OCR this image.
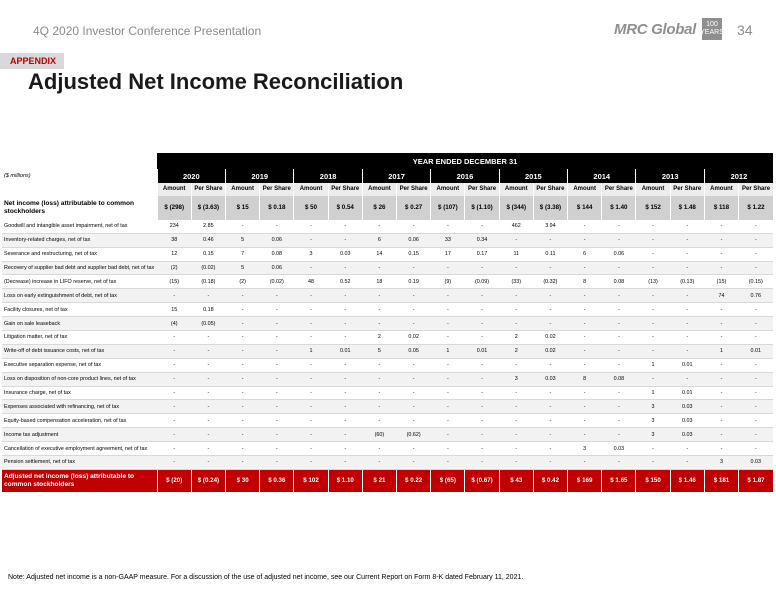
4Q 2020 Investor Conference Presentation	MRC Global 100
YEARS 34
APPENDIX
Adjusted Net Income Reconciliation
	YEAR ENDED DECEMBER 31																	
($ millions)	2020		2019		2018		2017		2016		2015		2014		2013		2012	
	Amount	Per Share	Amount	Per Share	Amount	Per Share	Amount	Per Share	Amount	Per Share	Amount	Per Share	Amount	Per Share	Amount	Per Share	Amount	Per Share
Net income (loss) attributable to common stockholders	$ (298)	$ (3.63)	$ 15	$ 0.18	$ 50	$ 0.54	$ 26	$ 0.27	$ (107)	$ (1.10)	$ (344)	$ (3.38)	$ 144	$ 1.40	$ 152	$ 1.48	$ 118	$ 1.22
Goodwill and intangible asset impairment, net of tax	234	2.85	-	-	-	-	-	-	-	-	462	3.94	-	-	-	-	-	-
Inventory-related charges, net of tax	38	0.46	5	0.06	-	-	6	0.06	33	0.34	-	-	-	-	-	-	-	-
Severance and restructuring, net of tax	12	0.15	7	0.08	3	0.03	14	0.15	17	0.17	11	0.11	6	0.06	-	-	-	-
Recovery of supplier bad debt and supplier bad debt, net of tax	(2)	(0.02)	5	0.06	-	-	-	-	-	-	-	-	-	-	-	-	-	-
(Decrease) increase in LIFO reserve, net of tax	(15)	(0.18)	(2)	(0.02)	48	0.52	18	0.19	(9)	(0.09)	(33)	(0.32)	8	0.08	(13)	(0.13)	(15)	(0.15)
Loss on early extinguishment of debt, net of tax	-	-	-	-	-	-	-	-	-	-	-	-	-	-	-	-	74	0.76
Facility closures, net of tax	15	0.18	-	-	-	-	-	-	-	-	-	-	-	-	-	-	-	-
Gain on sale leaseback	(4)	(0.05)	-	-	-	-	-	-	-	-	-	-	-	-	-	-	-	-
Litigation matter, net of tax	-	-	-	-	-	-	2	0.02	-	-	2	0.02	-	-	-	-	-	-
Write-off of debt issuance costs, net of tax	-	-	-	-	1	0.01	5	0.05	1	0.01	2	0.02	-	-	-	-	1	0.01
Executive separation expense, net of tax	-	-	-	-	-	-	-	-	-	-	-	-	-	-	1	0.01	-	-
Loss on disposition of non-core product lines, net of tax	-	-	-	-	-	-	-	-	-	-	3	0.03	8	0.08	-	-	-	-
Insurance charge, net of tax	-	-	-	-	-	-	-	-	-	-	-	-	-	-	1	0.01	-	-
Expenses associated with refinancing, net of tax	-	-	-	-	-	-	-	-	-	-	-	-	-	-	3	0.03	-	-
Equity-based compensation acceleration, net of tax	-	-	-	-	-	-	-	-	-	-	-	-	-	-	3	0.03	-	-
Income tax adjustment	-	-	-	-	-	-	(60)	(0.62)	-	-	-	-	-	-	3	0.03	-	-
Cancellation of executive employment agreement, net of tax	-	-	-	-	-	-	-	-	-	-	-	-	3	0.03	-	-	-	-
Pension settlement, net of tax	-	-	-	-	-	-	-	-	-	-	-	-	-	-	-	-	3	0.03
Adjusted net income (loss) attributable to common stockholders	$ (20)	$ (0.24)	$ 30	$ 0.36	$ 102	$ 1.10	$ 21	$ 0.22	$ (65)	$ (0.67)	$ 43	$ 0.42	$ 169	$ 1.65	$ 150	$ 1.46	$ 181	$ 1.87
Note: Adjusted net income is a non-GAAP measure. For a discussion of the use of adjusted net income, see our Current Report on Form 8-K dated February 11, 2021.
